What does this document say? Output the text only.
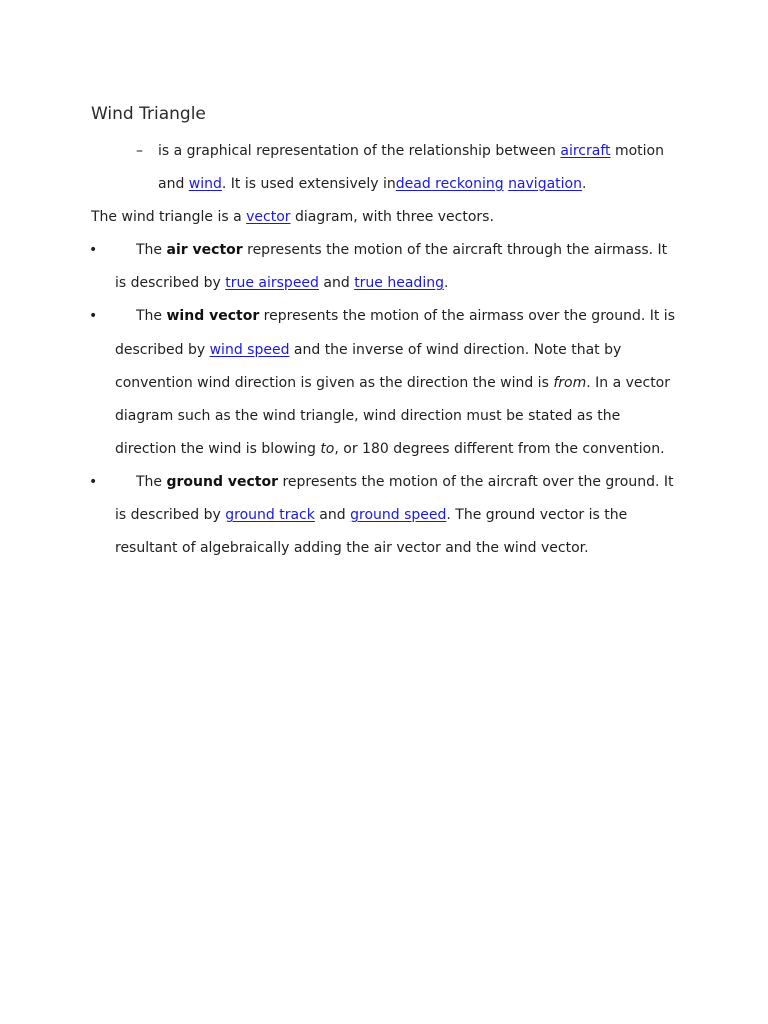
Wind Triangle
– is a graphical representation of the relationship between aircraft motion
and wind. It is used extensively indead reckoning navigation.
The wind triangle is a vector diagram, with three vectors.
•	The air vector represents the motion of the aircraft through the airmass. It
is described by true airspeed and true heading.
•	The wind vector represents the motion of the airmass over the ground. It is
described by wind speed and the inverse of wind direction. Note that by
convention wind direction is given as the direction the wind is from. In a vector
diagram such as the wind triangle, wind direction must be stated as the
direction the wind is blowing to, or 180 degrees different from the convention.
•	The ground vector represents the motion of the aircraft over the ground. It
is described by ground track and ground speed. The ground vector is the
resultant of algebraically adding the air vector and the wind vector.
